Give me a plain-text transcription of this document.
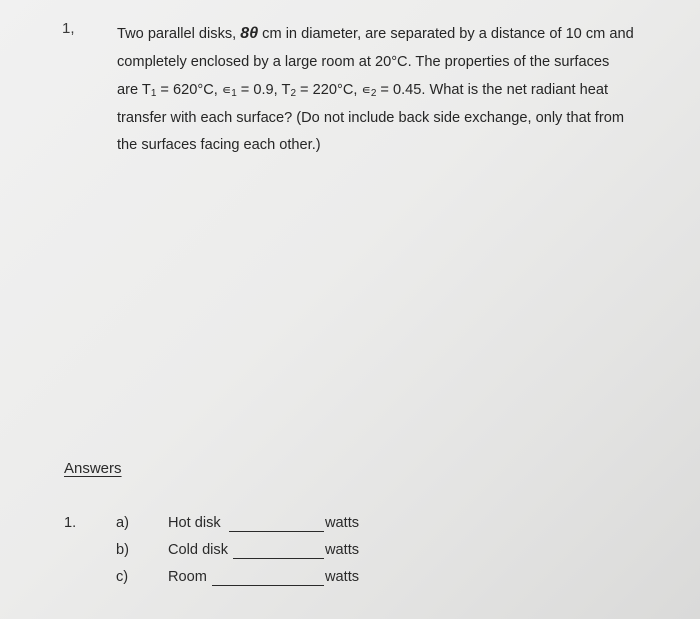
1,	Two parallel disks, 8θ cm in diameter, are separated by a distance of 10 cm and
completely enclosed by a large room at 20°C. The properties of the surfaces
are $T_1 = 620^\circ C$, $∊_1 = 0.9$, $T_2 = 220^\circ C$, $∊_2 = 0.45$. What is the net radiant heat
transfer with each surface? (Do not include back side exchange, only that from
the surfaces facing each other.)
Answers
1.	a)	Hot disk	watts
b)	Cold disk	watts
c)	Room	watts
